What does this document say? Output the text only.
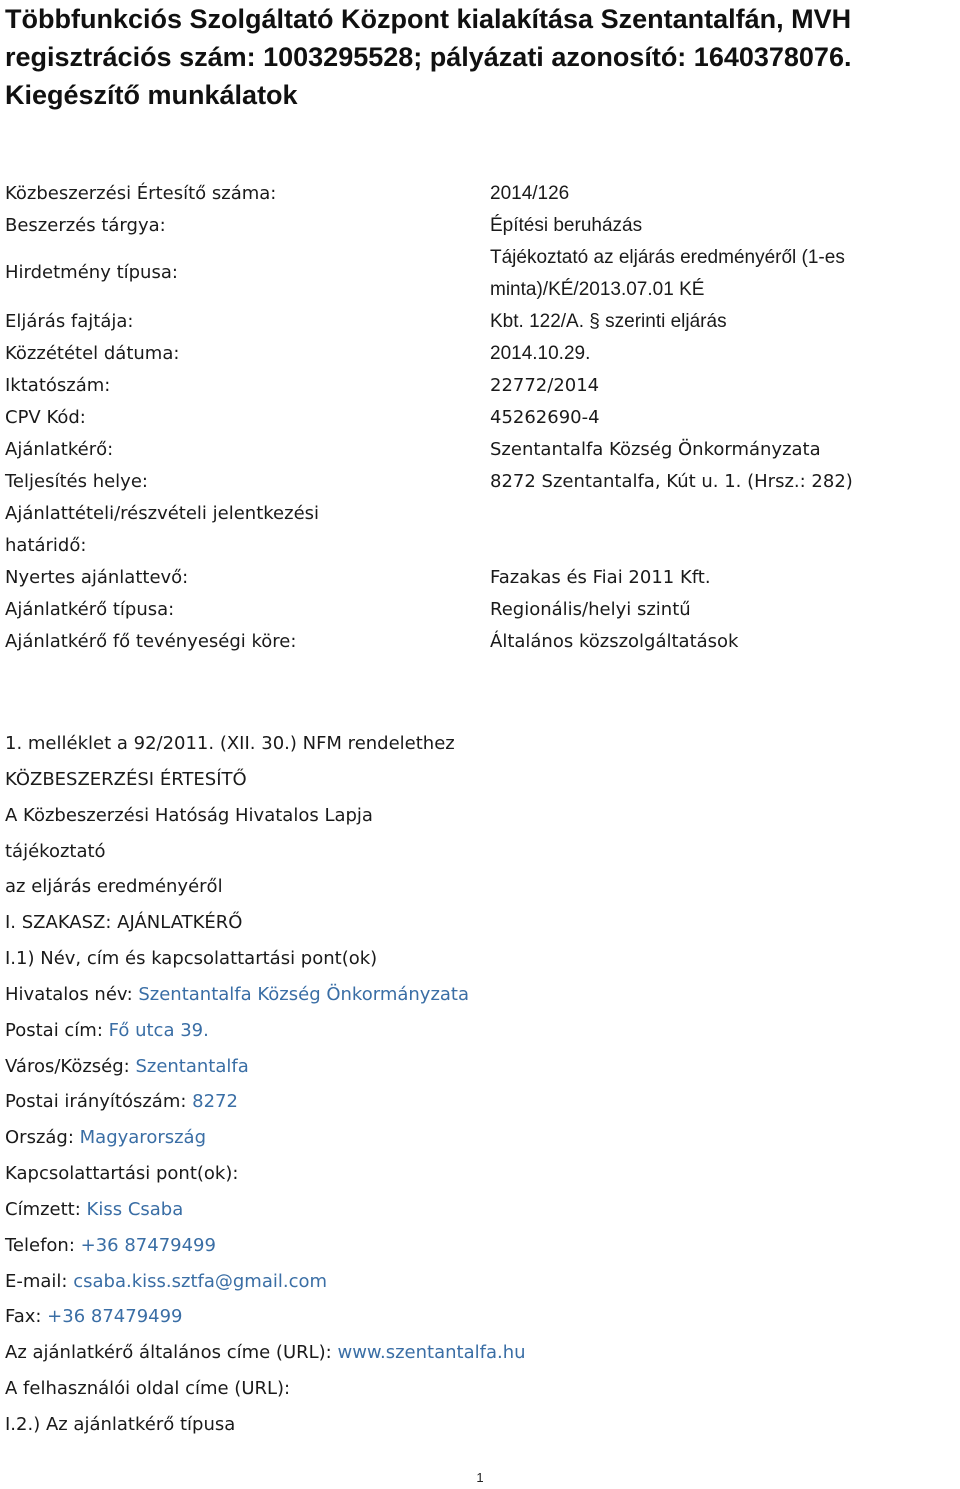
Többfunkciós Szolgáltató Központ kialakítása Szentantalfán, MVH
regisztrációs szám: 1003295528; pályázati azonosító: 1640378076.
Kiegészítő munkálatok
Közbeszerzési Értesítő száma:	2014/126
Beszerzés tárgya:	Építési beruházás
Hirdetmény típusa:
Tájékoztató az eljárás eredményéről (1-es
minta)/KÉ/2013.07.01 KÉ
Eljárás fajtája:	Kbt. 122/A. § szerinti eljárás
Közzététel dátuma:	2014.10.29.
Iktatószám:	22772/2014
CPV Kód:	45262690-4
Ajánlatkérő:	Szentantalfa Község Önkormányzata
Teljesítés helye:	8272 Szentantalfa, Kút u. 1. (Hrsz.: 282)
Ajánlattételi/részvételi jelentkezési
határidő:
Nyertes ajánlattevő:	Fazakas és Fiai 2011 Kft.
Ajánlatkérő típusa:	Regionális/helyi szintű
Ajánlatkérő fő tevényeségi köre:	Általános közszolgáltatások

1. melléklet a 92/2011. (XII. 30.) NFM rendelethez

KÖZBESZERZÉSI ÉRTESÍTŐ

A Közbeszerzési Hatóság Hivatalos Lapja

tájékoztató

az eljárás eredményéről

I. SZAKASZ: AJÁNLATKÉRŐ

I.1) Név, cím és kapcsolattartási pont(ok)

Hivatalos név: Szentantalfa Község Önkormányzata

Postai cím: Fő utca 39.

Város/Község: Szentantalfa

Postai irányítószám: 8272

Ország: Magyarország

Kapcsolattartási pont(ok):

Címzett: Kiss Csaba

Telefon: +36 87479499

E-mail: csaba.kiss.sztfa@gmail.com

Fax: +36 87479499

Az ajánlatkérő általános címe (URL): www.szentantalfa.hu

A felhasználói oldal címe (URL):

I.2.) Az ajánlatkérő típusa

1
